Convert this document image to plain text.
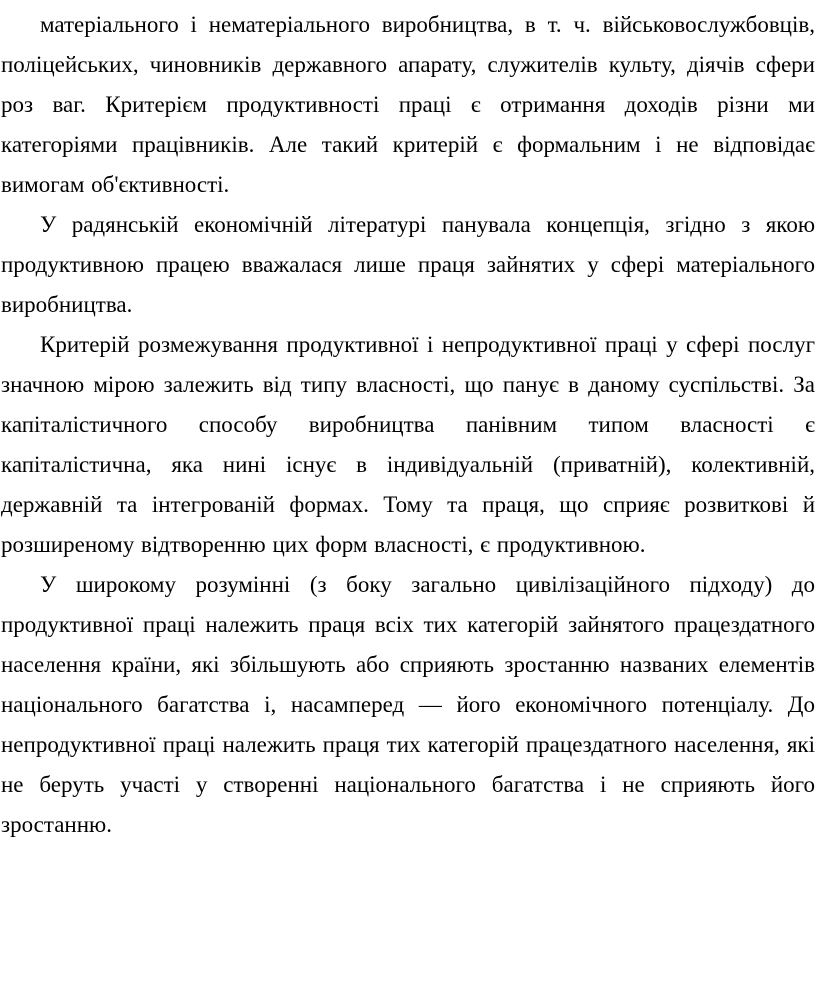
матеріального і нематеріального виробництва, в т. ч. військовослужбовців, поліцейських, чиновників державного апарату, служителів культу, діячів сфери роз ваг. Критерієм продуктивності праці є отримання доходів різни ми категоріями працівників. Але такий критерій є формальним і не відповідає вимогам об'єктивності.

У радянській економічній літературі панувала концепція, згідно з якою продуктивною працею вважалася лише праця зайнятих у сфері матеріального виробництва.

Критерій розмежування продуктивної і непродуктивної праці у сфері послуг значною мірою залежить від типу власності, що панує в даному суспільстві. За капіталістичного способу виробництва панівним типом власності є капіталістична, яка нині існує в індивідуальній (приватній), колективній, державній та інтегрованій формах. Тому та праця, що сприяє розвиткові й розширеному відтворенню цих форм власності, є продуктивною.

У широкому розумінні (з боку загально цивілізаційного підходу) до продуктивної праці належить праця всіх тих категорій зайнятого працездатного населення країни, які збільшують або сприяють зростанню названих елементів національного багатства і, насамперед — його економічного потенціалу. До непродуктивної праці належить праця тих категорій працездатного населення, які не беруть участі у створенні національного багатства і не сприяють його зростанню.
